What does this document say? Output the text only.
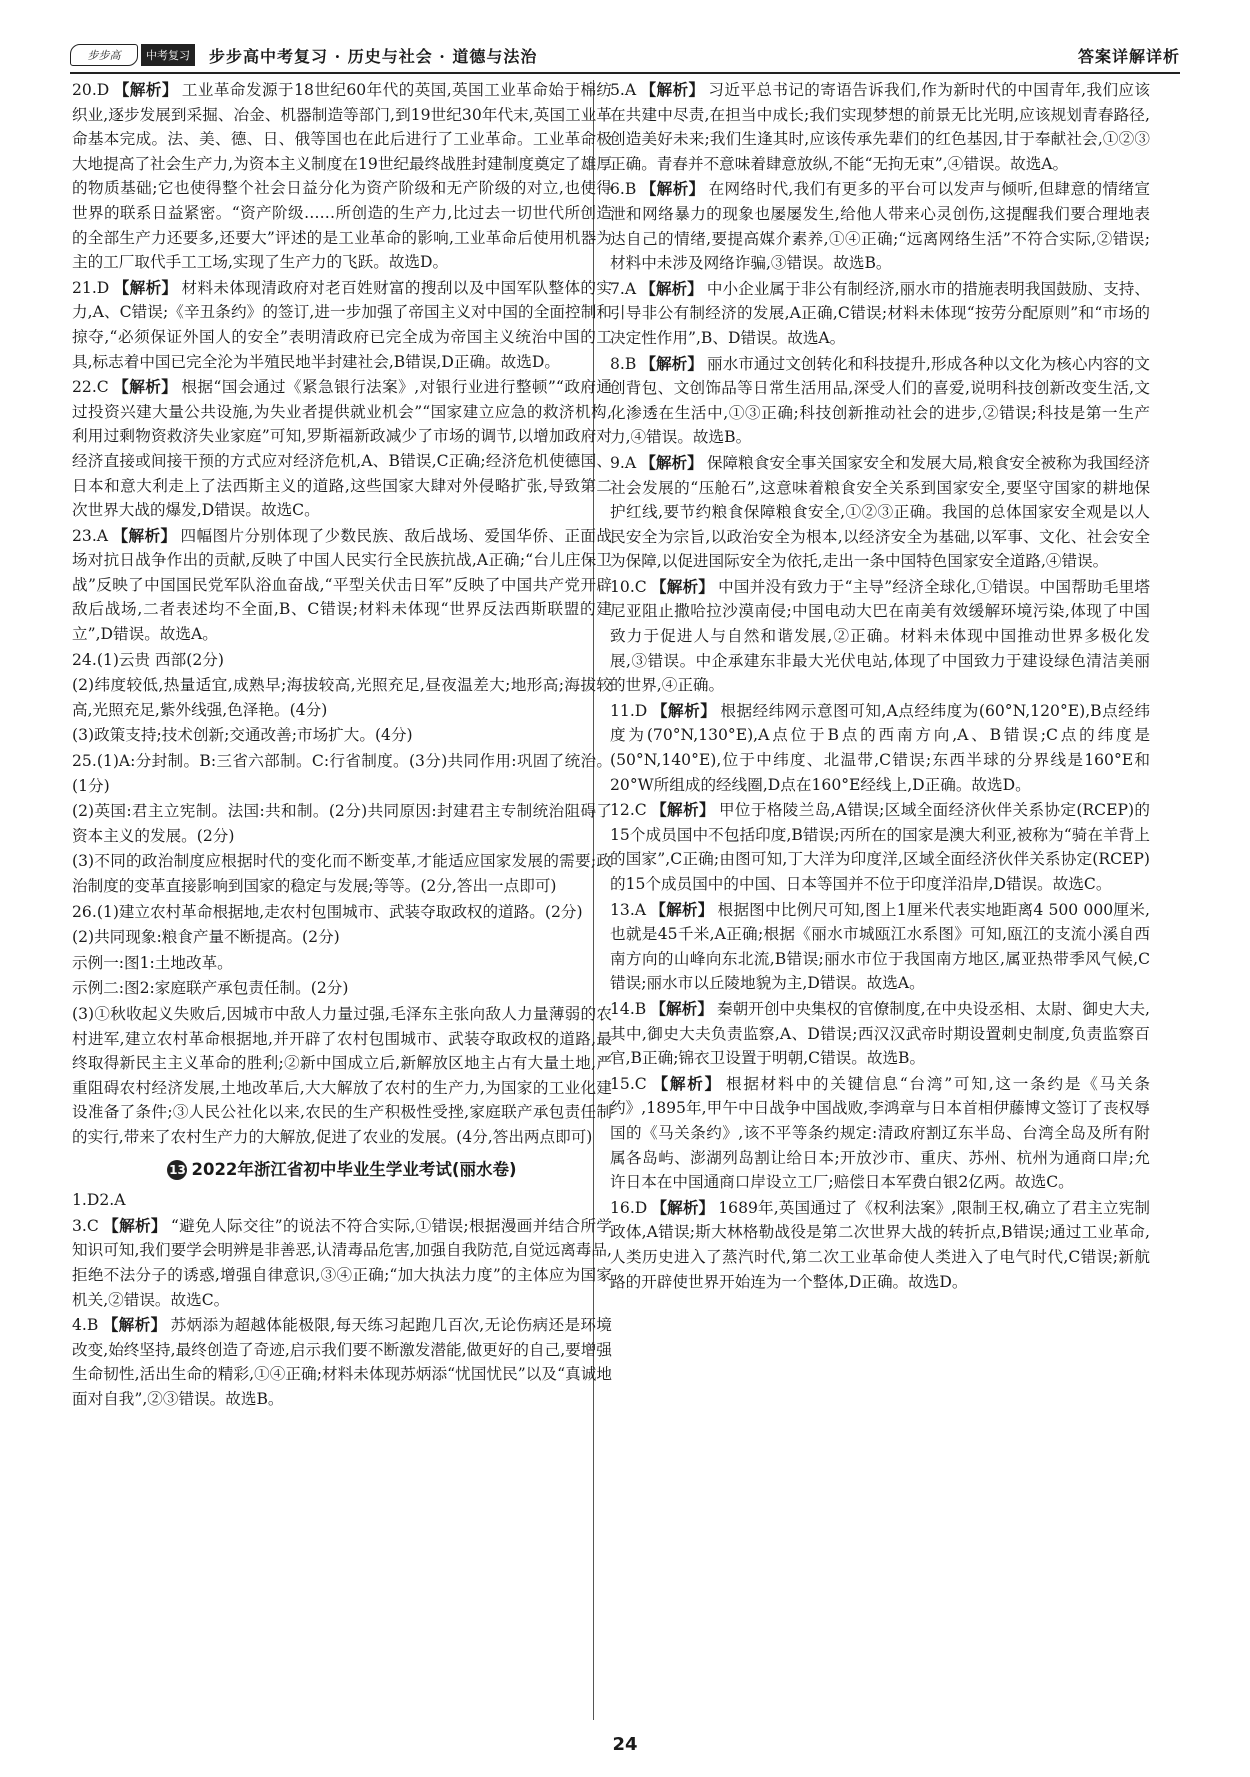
步步高	中考复习	步步高中考复习 · 历史与社会 · 道德与法治	答案详解详析
20.D 【解析】 工业革命发源于18世纪60年代的英国,英国工业革命始于棉纺织业,逐步发展到采掘、冶金、机器制造等部门,到19世纪30年代末,英国工业革命基本完成。法、美、德、日、俄等国也在此后进行了工业革命。工业革命极大地提高了社会生产力,为资本主义制度在19世纪最终战胜封建制度奠定了雄厚的物质基础;它也使得整个社会日益分化为资产阶级和无产阶级的对立,也使得世界的联系日益紧密。“资产阶级……所创造的生产力,比过去一切世代所创造的全部生产力还要多,还要大”评述的是工业革命的影响,工业革命后使用机器为主的工厂取代手工工场,实现了生产力的飞跃。故选D。
21.D 【解析】 材料未体现清政府对老百姓财富的搜刮以及中国军队整体的实力,A、C错误;《辛丑条约》的签订,进一步加强了帝国主义对中国的全面控制和掠夺,“必须保证外国人的安全”表明清政府已完全成为帝国主义统治中国的工具,标志着中国已完全沦为半殖民地半封建社会,B错误,D正确。故选D。
22.C 【解析】 根据“国会通过《紧急银行法案》,对银行业进行整顿”“政府通过投资兴建大量公共设施,为失业者提供就业机会”“国家建立应急的救济机构,利用过剩物资救济失业家庭”可知,罗斯福新政减少了市场的调节,以增加政府对经济直接或间接干预的方式应对经济危机,A、B错误,C正确;经济危机使德国、日本和意大利走上了法西斯主义的道路,这些国家大肆对外侵略扩张,导致第二次世界大战的爆发,D错误。故选C。
23.A 【解析】 四幅图片分别体现了少数民族、敌后战场、爱国华侨、正面战场对抗日战争作出的贡献,反映了中国人民实行全民族抗战,A正确;“台儿庄保卫战”反映了中国国民党军队浴血奋战,“平型关伏击日军”反映了中国共产党开辟敌后战场,二者表述均不全面,B、C错误;材料未体现“世界反法西斯联盟的建立”,D错误。故选A。
24.(1)云贵 西部(2分)
(2)纬度较低,热量适宜,成熟早;海拔较高,光照充足,昼夜温差大;地形高;海拔较高,光照充足,紫外线强,色泽艳。(4分)
(3)政策支持;技术创新;交通改善;市场扩大。(4分)
25.(1)A:分封制。B:三省六部制。C:行省制度。(3分)共同作用:巩固了统治。(1分)
(2)英国:君主立宪制。法国:共和制。(2分)共同原因:封建君主专制统治阻碍了资本主义的发展。(2分)
(3)不同的政治制度应根据时代的变化而不断变革,才能适应国家发展的需要;政治制度的变革直接影响到国家的稳定与发展;等等。(2分,答出一点即可)
26.(1)建立农村革命根据地,走农村包围城市、武装夺取政权的道路。(2分)
(2)共同现象:粮食产量不断提高。(2分)
示例一:图1:土地改革。
示例二:图2:家庭联产承包责任制。(2分)
(3)①秋收起义失败后,因城市中敌人力量过强,毛泽东主张向敌人力量薄弱的农村进军,建立农村革命根据地,并开辟了农村包围城市、武装夺取政权的道路,最终取得新民主主义革命的胜利;②新中国成立后,新解放区地主占有大量土地,严重阻碍农村经济发展,土地改革后,大大解放了农村的生产力,为国家的工业化建设准备了条件;③人民公社化以来,农民的生产积极性受挫,家庭联产承包责任制的实行,带来了农村生产力的大解放,促进了农业的发展。(4分,答出两点即可)
13 2022年浙江省初中毕业生学业考试(丽水卷)
1.D2.A
3.C 【解析】 “避免人际交往”的说法不符合实际,①错误;根据漫画并结合所学知识可知,我们要学会明辨是非善恶,认清毒品危害,加强自我防范,自觉远离毒品,拒绝不法分子的诱惑,增强自律意识,③④正确;“加大执法力度”的主体应为国家机关,②错误。故选C。
4.B 【解析】 苏炳添为超越体能极限,每天练习起跑几百次,无论伤病还是环境改变,始终坚持,最终创造了奇迹,启示我们要不断激发潜能,做更好的自己,要增强生命韧性,活出生命的精彩,①④正确;材料未体现苏炳添“忧国忧民”以及“真诚地面对自我”,②③错误。故选B。
5.A 【解析】 习近平总书记的寄语告诉我们,作为新时代的中国青年,我们应该在共建中尽责,在担当中成长;我们实现梦想的前景无比光明,应该规划青春路径,创造美好未来;我们生逢其时,应该传承先辈们的红色基因,甘于奉献社会,①②③正确。青春并不意味着肆意放纵,不能“无拘无束”,④错误。故选A。
6.B 【解析】 在网络时代,我们有更多的平台可以发声与倾听,但肆意的情绪宣泄和网络暴力的现象也屡屡发生,给他人带来心灵创伤,这提醒我们要合理地表达自己的情绪,要提高媒介素养,①④正确;“远离网络生活”不符合实际,②错误;材料中未涉及网络诈骗,③错误。故选B。
7.A 【解析】 中小企业属于非公有制经济,丽水市的措施表明我国鼓励、支持、引导非公有制经济的发展,A正确,C错误;材料未体现“按劳分配原则”和“市场的决定性作用”,B、D错误。故选A。
8.B 【解析】 丽水市通过文创转化和科技提升,形成各种以文化为核心内容的文创背包、文创饰品等日常生活用品,深受人们的喜爱,说明科技创新改变生活,文化渗透在生活中,①③正确;科技创新推动社会的进步,②错误;科技是第一生产力,④错误。故选B。
9.A 【解析】 保障粮食安全事关国家安全和发展大局,粮食安全被称为我国经济社会发展的“压舱石”,这意味着粮食安全关系到国家安全,要坚守国家的耕地保护红线,要节约粮食保障粮食安全,①②③正确。我国的总体国家安全观是以人民安全为宗旨,以政治安全为根本,以经济安全为基础,以军事、文化、社会安全为保障,以促进国际安全为依托,走出一条中国特色国家安全道路,④错误。
10.C 【解析】 中国并没有致力于“主导”经济全球化,①错误。中国帮助毛里塔尼亚阻止撒哈拉沙漠南侵;中国电动大巴在南美有效缓解环境污染,体现了中国致力于促进人与自然和谐发展,②正确。材料未体现中国推动世界多极化发展,③错误。中企承建东非最大光伏电站,体现了中国致力于建设绿色清洁美丽的世界,④正确。
11.D 【解析】 根据经纬网示意图可知,A点经纬度为(60°N,120°E),B点经纬度为(70°N,130°E),A点位于B点的西南方向,A、B错误;C点的纬度是(50°N,140°E),位于中纬度、北温带,C错误;东西半球的分界线是160°E和20°W所组成的经线圈,D点在160°E经线上,D正确。故选D。
12.C 【解析】 甲位于格陵兰岛,A错误;区域全面经济伙伴关系协定(RCEP)的15个成员国中不包括印度,B错误;丙所在的国家是澳大利亚,被称为“骑在羊背上的国家”,C正确;由图可知,丁大洋为印度洋,区域全面经济伙伴关系协定(RCEP)的15个成员国中的中国、日本等国并不位于印度洋沿岸,D错误。故选C。
13.A 【解析】 根据图中比例尺可知,图上1厘米代表实地距离4 500 000厘米,也就是45千米,A正确;根据《丽水市城瓯江水系图》可知,瓯江的支流小溪自西南方向的山峰向东北流,B错误;丽水市位于我国南方地区,属亚热带季风气候,C错误;丽水市以丘陵地貌为主,D错误。故选A。
14.B 【解析】 秦朝开创中央集权的官僚制度,在中央设丞相、太尉、御史大夫,其中,御史大夫负责监察,A、D错误;西汉汉武帝时期设置刺史制度,负责监察百官,B正确;锦衣卫设置于明朝,C错误。故选B。
15.C 【解析】 根据材料中的关键信息“台湾”可知,这一条约是《马关条约》,1895年,甲午中日战争中国战败,李鸿章与日本首相伊藤博文签订了丧权辱国的《马关条约》,该不平等条约规定:清政府割辽东半岛、台湾全岛及所有附属各岛屿、澎湖列岛割让给日本;开放沙市、重庆、苏州、杭州为通商口岸;允许日本在中国通商口岸设立工厂;赔偿日本军费白银2亿两。故选C。
16.D 【解析】 1689年,英国通过了《权利法案》,限制王权,确立了君主立宪制政体,A错误;斯大林格勒战役是第二次世界大战的转折点,B错误;通过工业革命,人类历史进入了蒸汽时代,第二次工业革命使人类进入了电气时代,C错误;新航路的开辟使世界开始连为一个整体,D正确。故选D。
24
